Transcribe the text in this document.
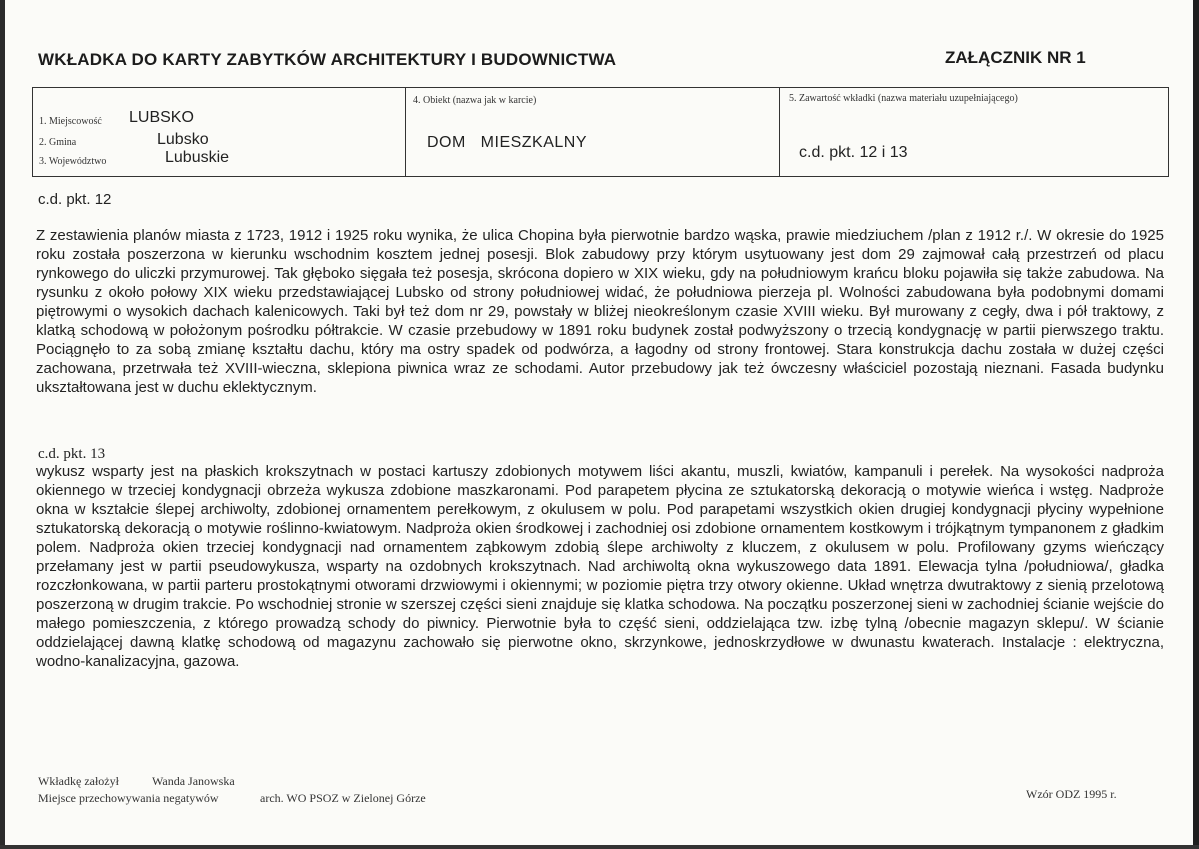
WKŁADKA DO KARTY ZABYTKÓW ARCHITEKTURY I BUDOWNICTWA	ZAŁĄCZNIK NR 1
1. Miejscowość LUBSKO
2. Gmina	Lubsko
3. Województwo	Lubuskie
4. Obiekt (nazwa jak w karcie)
DOM   MIESZKALNY
5. Zawartość wkładki (nazwa materiału uzupełniającego)
c.d. pkt. 12 i 13
c.d. pkt. 12
Z zestawienia planów miasta z 1723, 1912 i 1925 roku wynika, że ulica Chopina była pierwotnie bardzo wąska, prawie miedziuchem /plan z 1912 r./. W okresie do 1925 roku została poszerzona w kierunku wschodnim kosztem jednej posesji. Blok zabudowy przy którym usytuowany jest dom 29 zajmował całą przestrzeń od placu rynkowego do uliczki przymurowej. Tak głęboko sięgała też posesja, skrócona dopiero w XIX wieku, gdy na południowym krańcu bloku pojawiła się także zabudowa. Na rysunku z około połowy XIX wieku przedstawiającej Lubsko od strony południowej widać, że południowa pierzeja pl. Wolności zabudowana była podobnymi domami piętrowymi o wysokich dachach kalenicowych. Taki był też dom nr 29, powstały w bliżej nieokreślonym czasie XVIII wieku. Był murowany z cegły, dwa i pół traktowy, z klatką schodową w położonym pośrodku półtrakcie. W czasie przebudowy w 1891 roku budynek został podwyższony o trzecią kondygnację w partii pierwszego traktu. Pociągnęło to za sobą zmianę kształtu dachu, który ma ostry spadek od podwórza, a łagodny od strony frontowej. Stara konstrukcja dachu została w dużej części zachowana, przetrwała też XVIII-wieczna, sklepiona piwnica wraz ze schodami. Autor przebudowy jak też ówczesny właściciel pozostają nieznani. Fasada budynku ukształtowana jest w duchu eklektycznym.
c.d. pkt. 13
wykusz wsparty jest na płaskich krokszytnach w postaci kartuszy zdobionych motywem liści akantu, muszli, kwiatów, kampanuli i perełek. Na wysokości nadproża okiennego w trzeciej kondygnacji obrzeża wykusza zdobione maszkaronami. Pod parapetem płycina ze sztukatorską dekoracją o motywie wieńca i wstęg. Nadproże okna w kształcie ślepej archiwolty, zdobionej ornamentem perełkowym, z okulusem w polu. Pod parapetami wszystkich okien drugiej kondygnacji płyciny wypełnione sztukatorską dekoracją o motywie roślinno-kwiatowym. Nadproża okien środkowej i zachodniej osi zdobione ornamentem kostkowym i trójkątnym tympanonem z gładkim polem. Nadproża okien trzeciej kondygnacji nad ornamentem ząbkowym zdobią ślepe archiwolty z kluczem, z okulusem w polu. Profilowany gzyms wieńczący przełamany jest w partii pseudowykusza, wsparty na ozdobnych krokszytnach. Nad archiwoltą okna wykuszowego data 1891. Elewacja tylna /południowa/, gładka rozczłonkowana, w partii parteru prostokątnymi otworami drzwiowymi i okiennymi; w poziomie piętra trzy otwory okienne. Układ wnętrza dwutraktowy z sienią przelotową poszerzoną w drugim trakcie. Po wschodniej stronie w szerszej części sieni znajduje się klatka schodowa. Na początku poszerzonej sieni w zachodniej ścianie wejście do małego pomieszczenia, z którego prowadzą schody do piwnicy. Pierwotnie była to część sieni, oddzielająca tzw. izbę tylną /obecnie magazyn sklepu/. W ścianie oddzielającej dawną klatkę schodową od magazynu zachowało się pierwotne okno, skrzynkowe, jednoskrzydłowe w dwunastu kwaterach. Instalacje : elektryczna, wodno-kanalizacyjna, gazowa.
Wkładkę założył	Wanda Janowska
Miejsce przechowywania negatywów	arch. WO PSOZ w Zielonej Górze	Wzór ODZ 1995 r.
